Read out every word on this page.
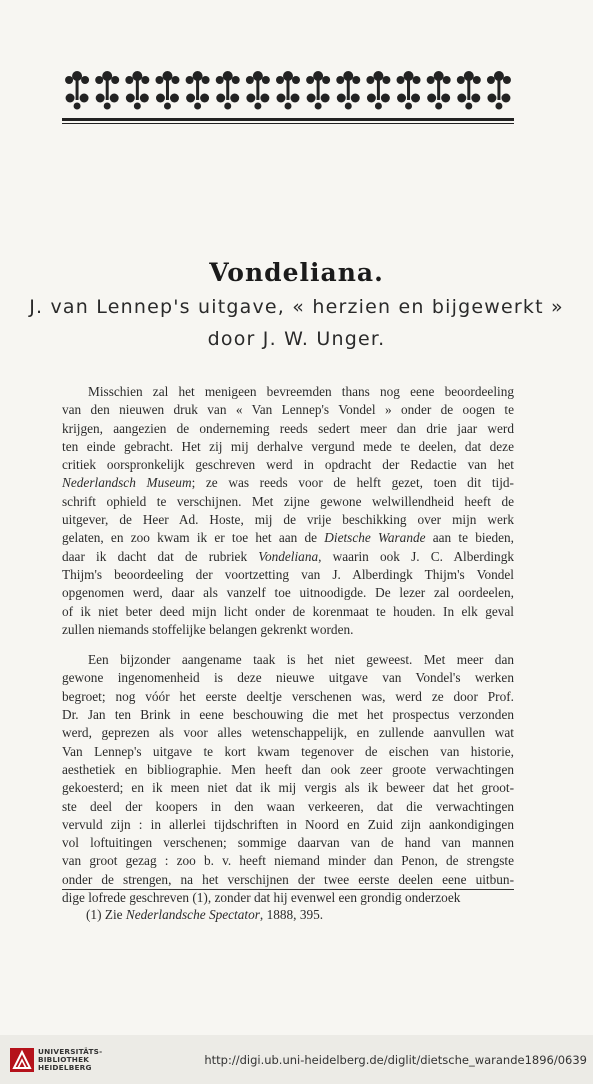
Vondeliana.
J. van Lennep's uitgave, « herzien en bijgewerkt »
door J. W. Unger.
Misschien zal het menigeen bevreemden thans nog eene beoordeeling
van den nieuwen druk van « Van Lennep's Vondel » onder de oogen te
krijgen, aangezien de onderneming reeds sedert meer dan drie jaar werd
ten einde gebracht. Het zij mij derhalve vergund mede te deelen, dat deze
critiek oorspronkelijk geschreven werd in opdracht der Redactie van het
Nederlandsch Museum; ze was reeds voor de helft gezet, toen dit tijd-
schrift ophield te verschijnen. Met zijne gewone welwillendheid heeft de
uitgever, de Heer Ad. Hoste, mij de vrije beschikking over mijn werk
gelaten, en zoo kwam ik er toe het aan de Dietsche Warande aan te bieden,
daar ik dacht dat de rubriek Vondeliana, waarin ook J. C. Alberdingk
Thijm's beoordeeling der voortzetting van J. Alberdingk Thijm's Vondel
opgenomen werd, daar als vanzelf toe uitnoodigde. De lezer zal oordeelen,
of ik niet beter deed mijn licht onder de korenmaat te houden. In elk geval
zullen niemands stoffelijke belangen gekrenkt worden.
Een bijzonder aangename taak is het niet geweest. Met meer dan
gewone ingenomenheid is deze nieuwe uitgave van Vondel's werken
begroet; nog vóór het eerste deeltje verschenen was, werd ze door Prof.
Dr. Jan ten Brink in eene beschouwing die met het prospectus verzonden
werd, geprezen als voor alles wetenschappelijk, en zullende aanvullen wat
Van Lennep's uitgave te kort kwam tegenover de eischen van historie,
aesthetiek en bibliographie. Men heeft dan ook zeer groote verwachtingen
gekoesterd; en ik meen niet dat ik mij vergis als ik beweer dat het groot-
ste deel der koopers in den waan verkeeren, dat die verwachtingen
vervuld zijn : in allerlei tijdschriften in Noord en Zuid zijn aankondigingen
vol loftuitingen verschenen; sommige daarvan van de hand van mannen
van groot gezag : zoo b. v. heeft niemand minder dan Penon, de strengste
onder de strengen, na het verschijnen der twee eerste deelen eene uitbun-
dige lofrede geschreven (1), zonder dat hij evenwel een grondig onderzoek
(1) Zie Nederlandsche Spectator, 1888, 395.
UNIVERSITÄTS-
BIBLIOTHEK
HEIDELBERG
http://digi.ub.uni-heidelberg.de/diglit/dietsche_warande1896/0639
